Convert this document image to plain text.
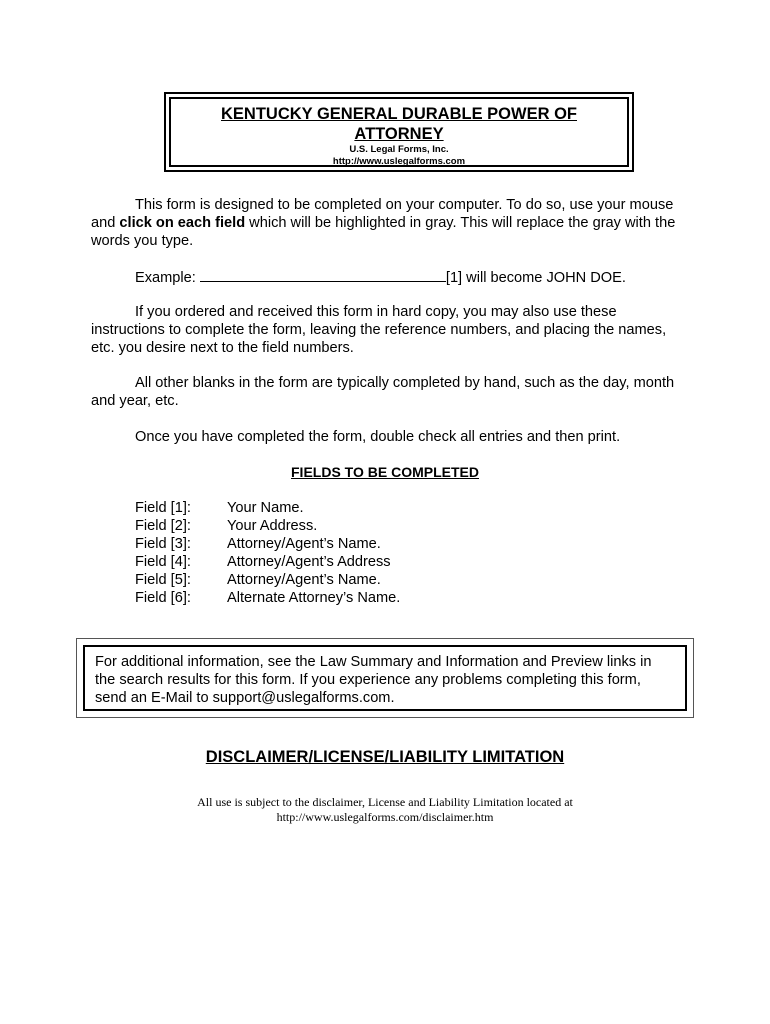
KENTUCKY GENERAL DURABLE POWER OF ATTORNEY
U.S. Legal Forms, Inc.
http://www.uslegalforms.com
This form is designed to be completed on your computer. To do so, use your mouse and click on each field which will be highlighted in gray. This will replace the gray with the words you type.
Example:	[1] will become JOHN DOE.
If you ordered and received this form in hard copy, you may also use these instructions to complete the form, leaving the reference numbers, and placing the names, etc. you desire next to the field numbers.
All other blanks in the form are typically completed by hand, such as the day, month and year, etc.
Once you have completed the form, double check all entries and then print.
FIELDS TO BE COMPLETED
Field [1]:	Your Name.
Field [2]:	Your Address.
Field [3]:	Attorney/Agent’s Name.
Field [4]:	Attorney/Agent’s Address
Field [5]:	Attorney/Agent’s Name.
Field [6]:	Alternate Attorney’s Name.
For additional information, see the Law Summary and Information and Preview links in the search results for this form. If you experience any problems completing this form, send an E-Mail to support@uslegalforms.com.
DISCLAIMER/LICENSE/LIABILITY LIMITATION
All use is subject to the disclaimer, License and Liability Limitation located at
http://www.uslegalforms.com/disclaimer.htm
